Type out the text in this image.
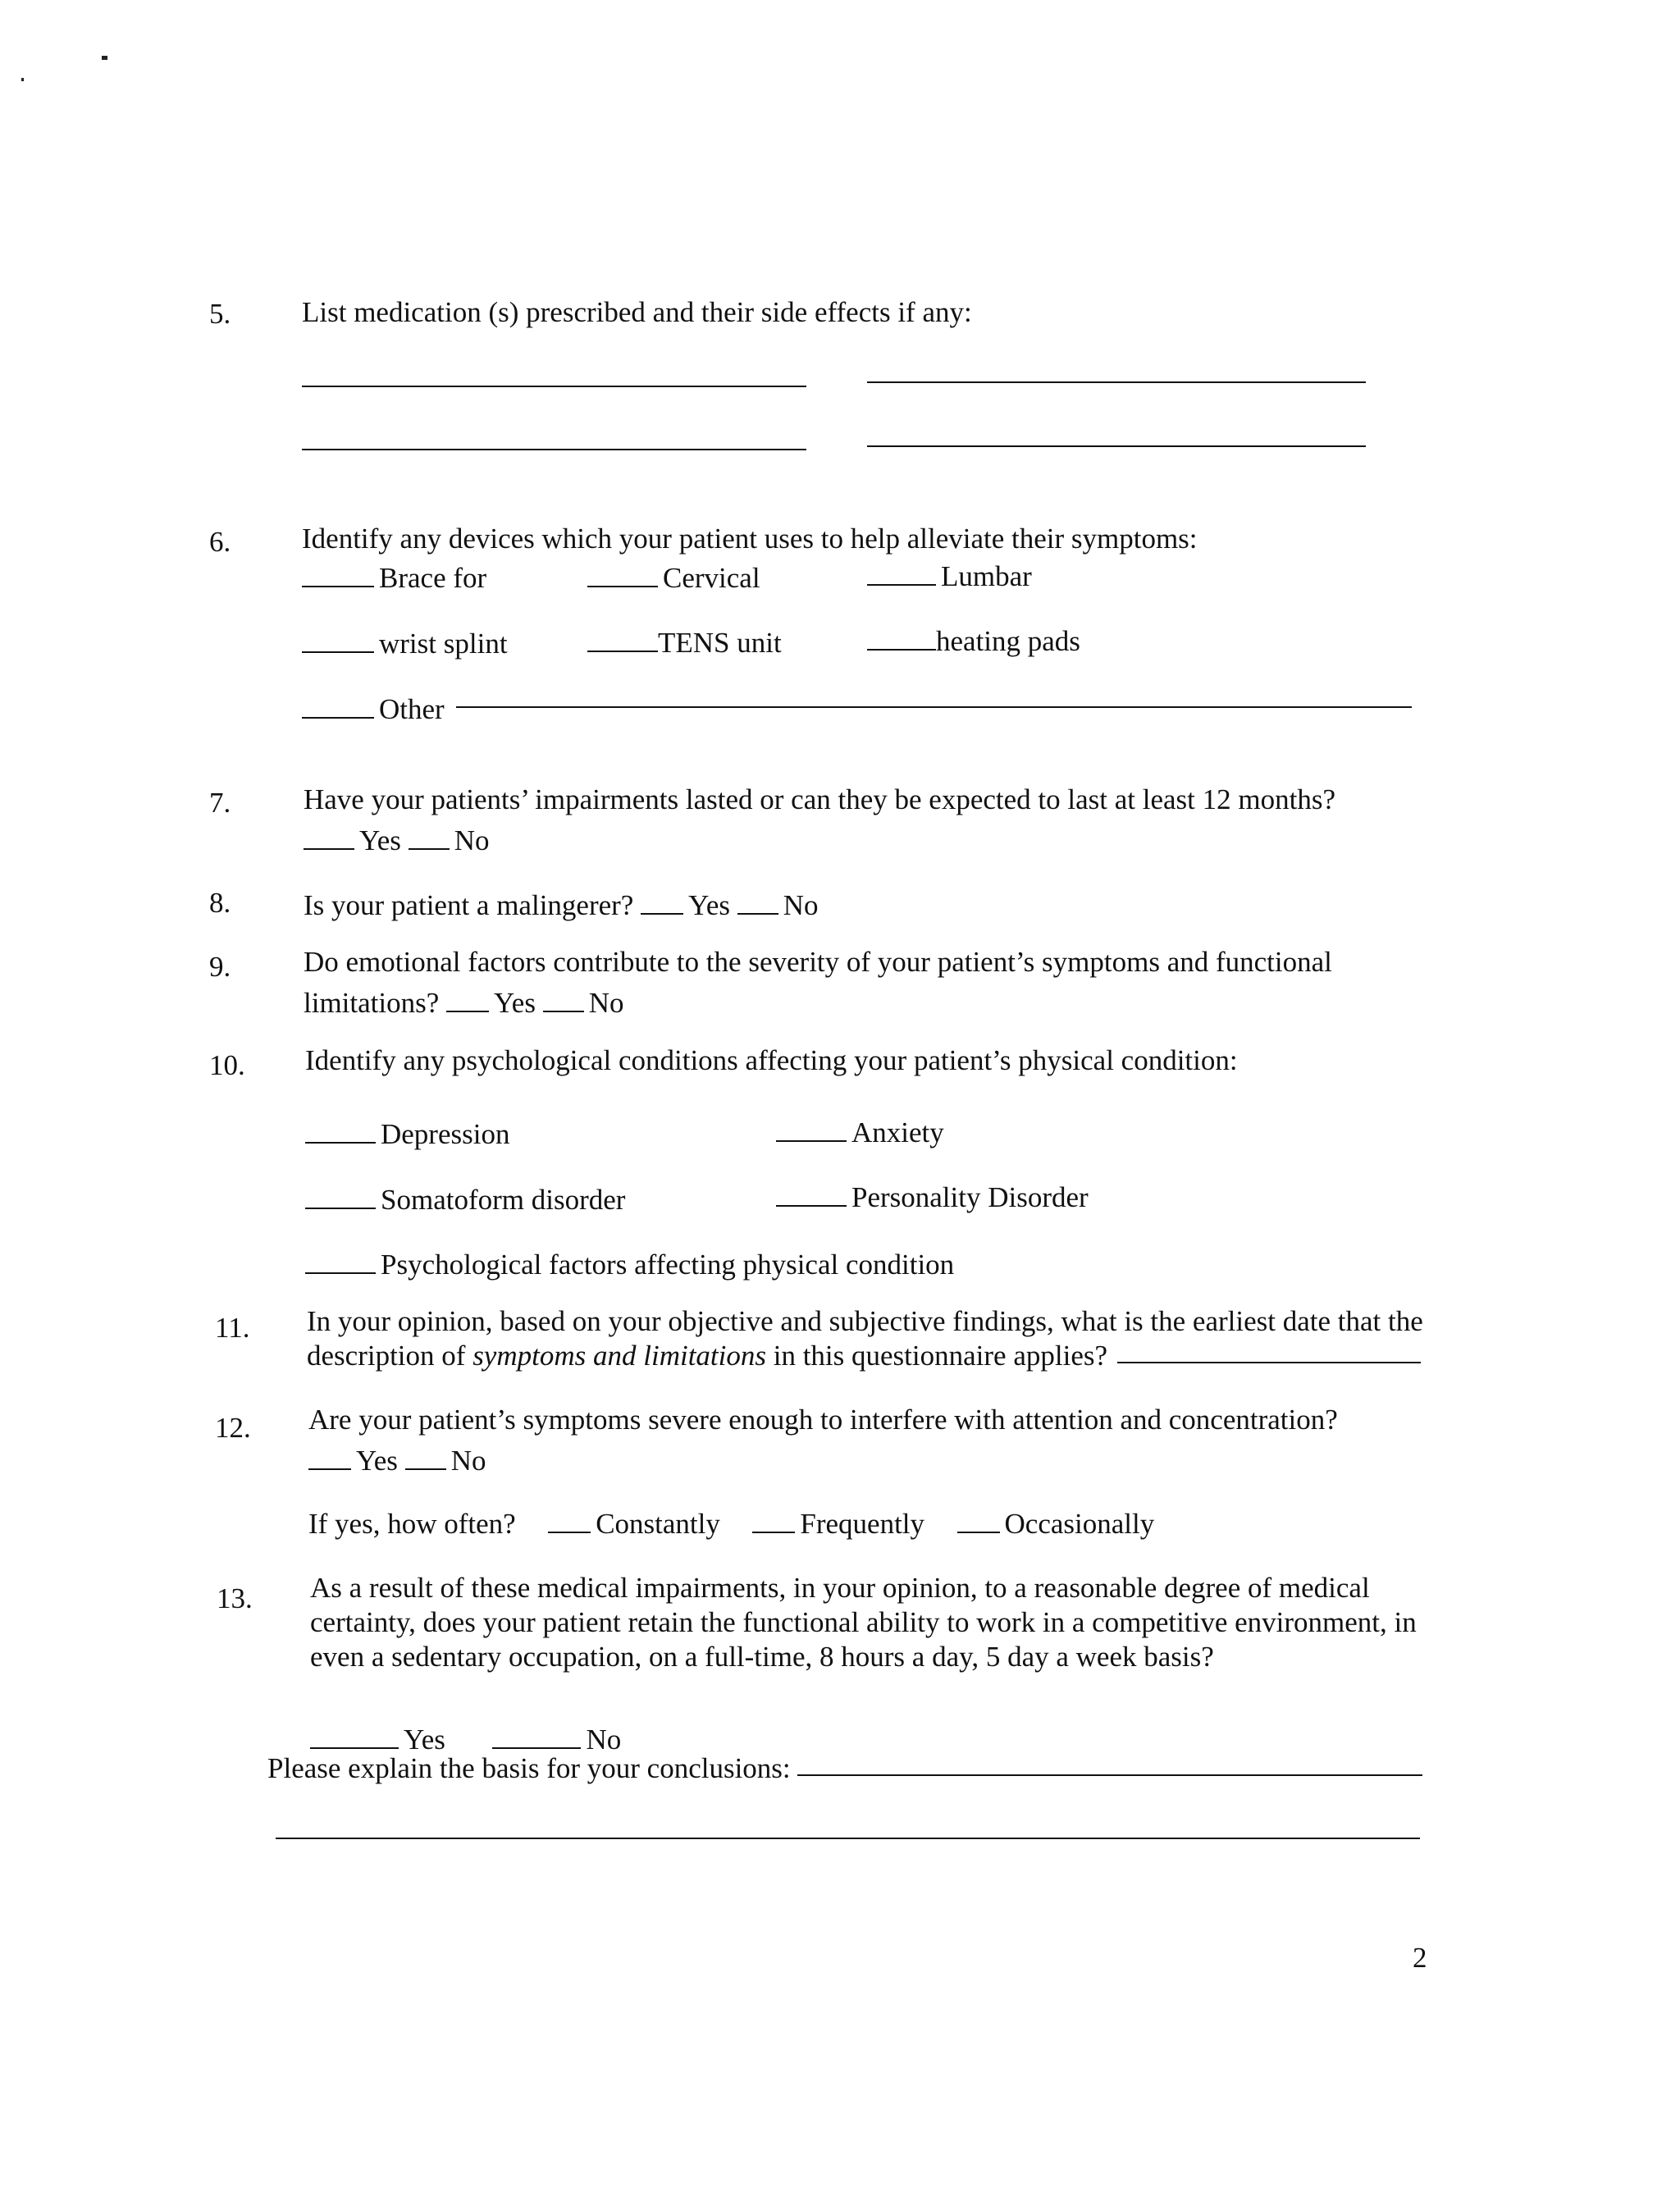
5. List medication (s) prescribed and their side effects if any:
6. Identify any devices which your patient uses to help alleviate their symptoms:
Brace for	Cervical	Lumbar
wrist splint	TENS unit	heating pads
Other
7.	Have your patients’ impairments lasted or can they be expected to last at least 12 months?
Yes No
8.	Is your patient a malingerer? Yes No
9.	Do emotional factors contribute to the severity of your patient’s symptoms and functional
limitations? Yes No
10. Identify any psychological conditions affecting your patient’s physical condition:
Depression	Anxiety
Somatoform disorder	Personality Disorder
Psychological factors affecting physical condition
11. In your opinion, based on your objective and subjective findings, what is the earliest date that the
description of symptoms and limitations in this questionnaire applies?
12. Are your patient’s symptoms severe enough to interfere with attention and concentration?
Yes No
If yes, how often?	Constantly	Frequently	Occasionally
13. As a result of these medical impairments, in your opinion, to a reasonable degree of medical
certainty, does your patient retain the functional ability to work in a competitive environment, in
even a sedentary occupation, on a full-time, 8 hours a day, 5 day a week basis?
Yes	No
Please explain the basis for your conclusions:
2
